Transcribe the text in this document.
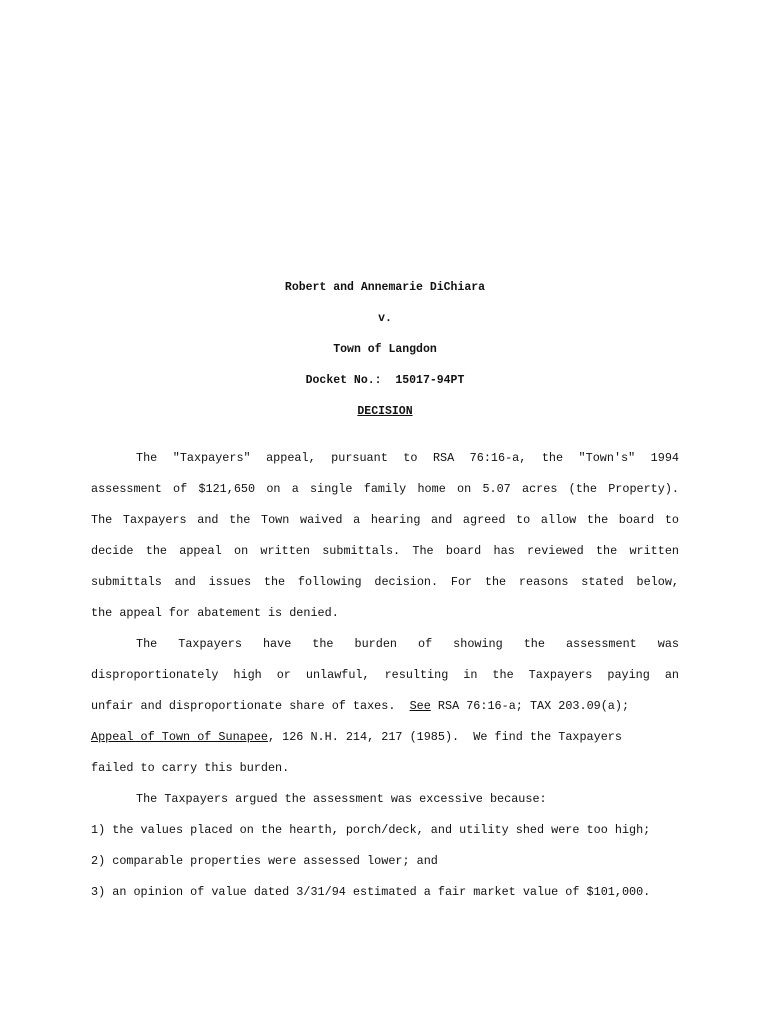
Robert and Annemarie DiChiara
v.
Town of Langdon
Docket No.:  15017-94PT
DECISION
The "Taxpayers" appeal, pursuant to RSA 76:16-a, the "Town's" 1994
assessment of $121,650 on a single family home on 5.07 acres (the Property).
The Taxpayers and the Town waived a hearing and agreed to allow the board to
decide the appeal on written submittals. The board has reviewed the written
submittals and issues the following decision. For the reasons stated below,
the appeal for abatement is denied.
The Taxpayers have the burden of showing the assessment was
disproportionately high or unlawful, resulting in the Taxpayers paying an
unfair and disproportionate share of taxes.  See RSA 76:16-a; TAX 203.09(a);
Appeal of Town of Sunapee, 126 N.H. 214, 217 (1985).  We find the Taxpayers
failed to carry this burden.
The Taxpayers argued the assessment was excessive because:
1) the values placed on the hearth, porch/deck, and utility shed were too high;
2) comparable properties were assessed lower; and
3) an opinion of value dated 3/31/94 estimated a fair market value of $101,000.
